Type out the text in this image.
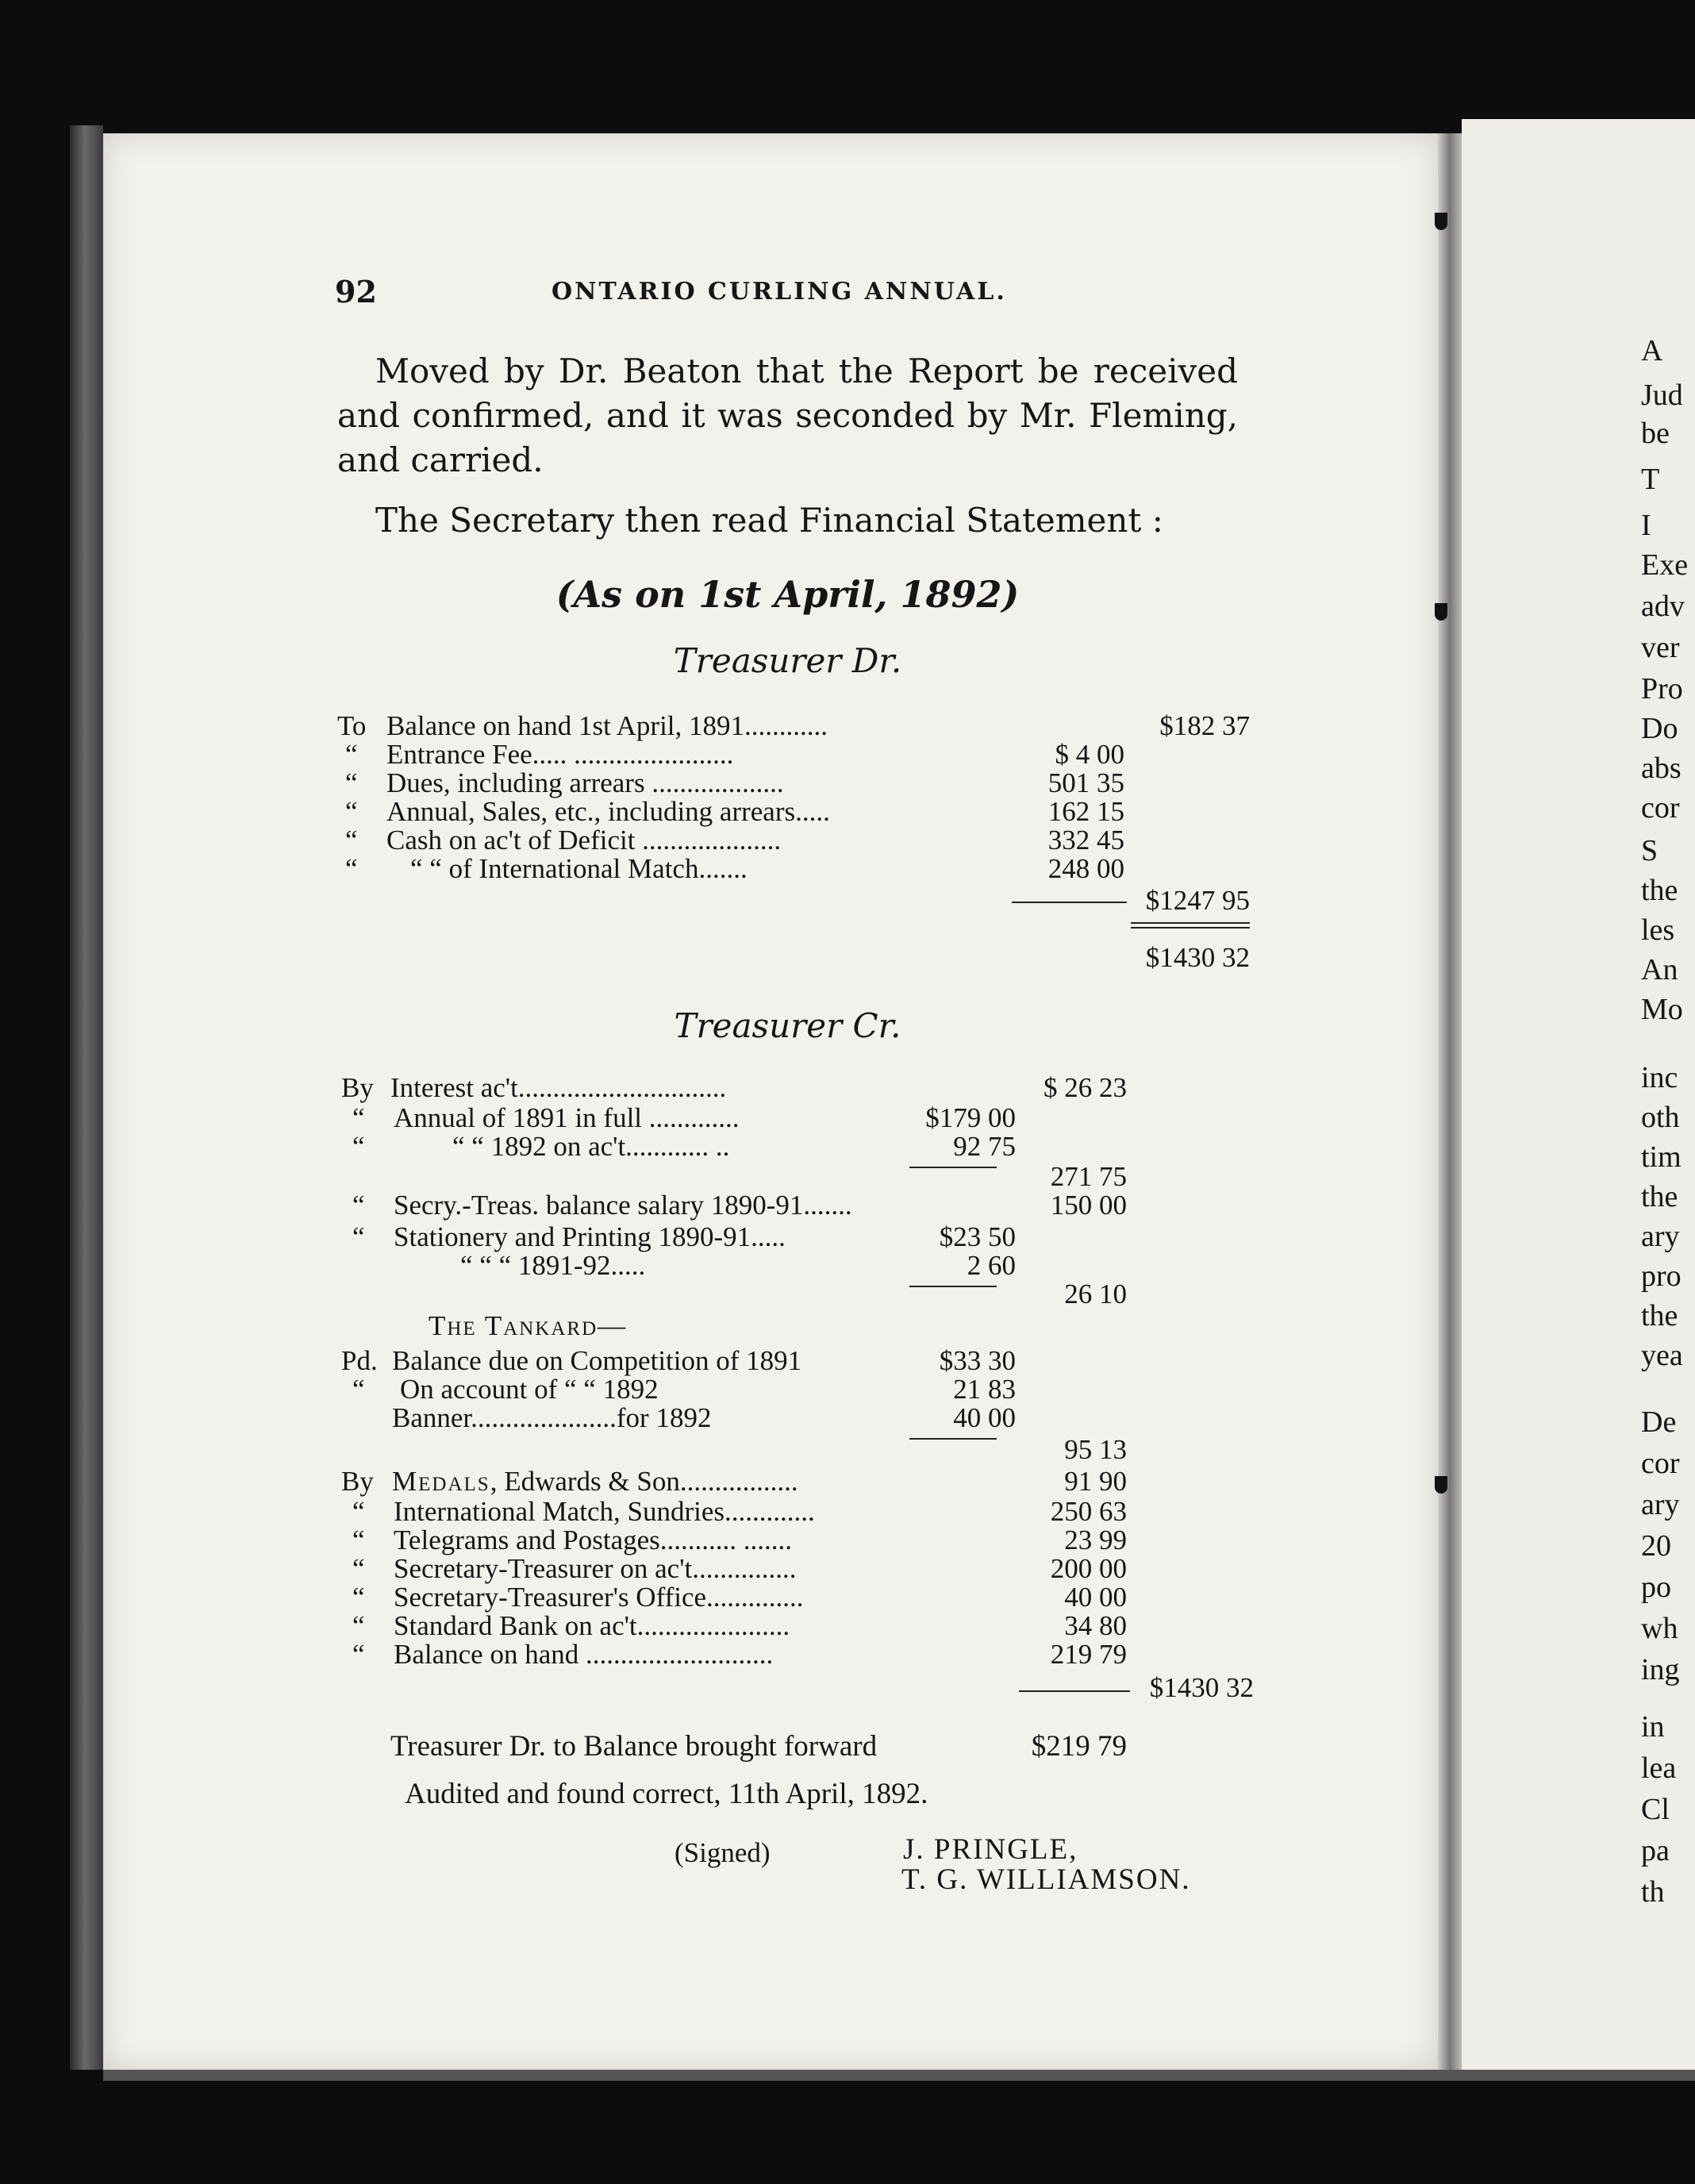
92	ONTARIO CURLING ANNUAL.
Moved by Dr. Beaton that the Report be received and confirmed, and it was seconded by Mr. Fleming, and carried.
The Secretary then read Financial Statement :
(As on 1st April, 1892)
Treasurer Dr.
To Balance on hand 1st April, 1891............	$182 37
“ Entrance Fee..... .......................	$ 4 00
“ Dues, including arrears ...................	501 35
“ Annual, Sales, etc., including arrears.....	162 15
“ Cash on ac't of Deficit ....................	332 45
“ “ “ of International Match.......	248 00
$1247 95
$1430 32
Treasurer Cr.
By Interest ac't..............................	$ 26 23
“ Annual of 1891 in full .............	$179 00
“	“ “ 1892 on ac't............ ..	92 75
271 75
“ Secry.-Treas. balance salary 1890-91.......	150 00
“ Stationery and Printing 1890-91.....	$23 50
“ “ “ 1891-92.....	2 60
26 10
The Tankard—
Pd. Balance due on Competition of 1891	$33 30
“ On account of “ “ 1892	21 83
Banner.....................for 1892	40 00
95 13
By Medals, Edwards & Son.................	91 90
“ International Match, Sundries.............	250 63
“ Telegrams and Postages........... .......	23 99
“ Secretary-Treasurer on ac't...............	200 00
“ Secretary-Treasurer's Office..............	40 00
“ Standard Bank on ac't......................	34 80
“ Balance on hand ...........................	219 79
$1430 32
Treasurer Dr. to Balance brought forward	$219 79
Audited and found correct, 11th April, 1892.
(Signed)	J. PRINGLE,
T. G. WILLIAMSON.
A
Jud
be
T
I
Exe
adv
ver
Pro
Do
abs
cor
S
the
les
An
Mo
inc
oth
tim
the
ary
pro
the
yea
De
cor
ary
20
po
wh
ing
in
lea
Cl
pa
th
